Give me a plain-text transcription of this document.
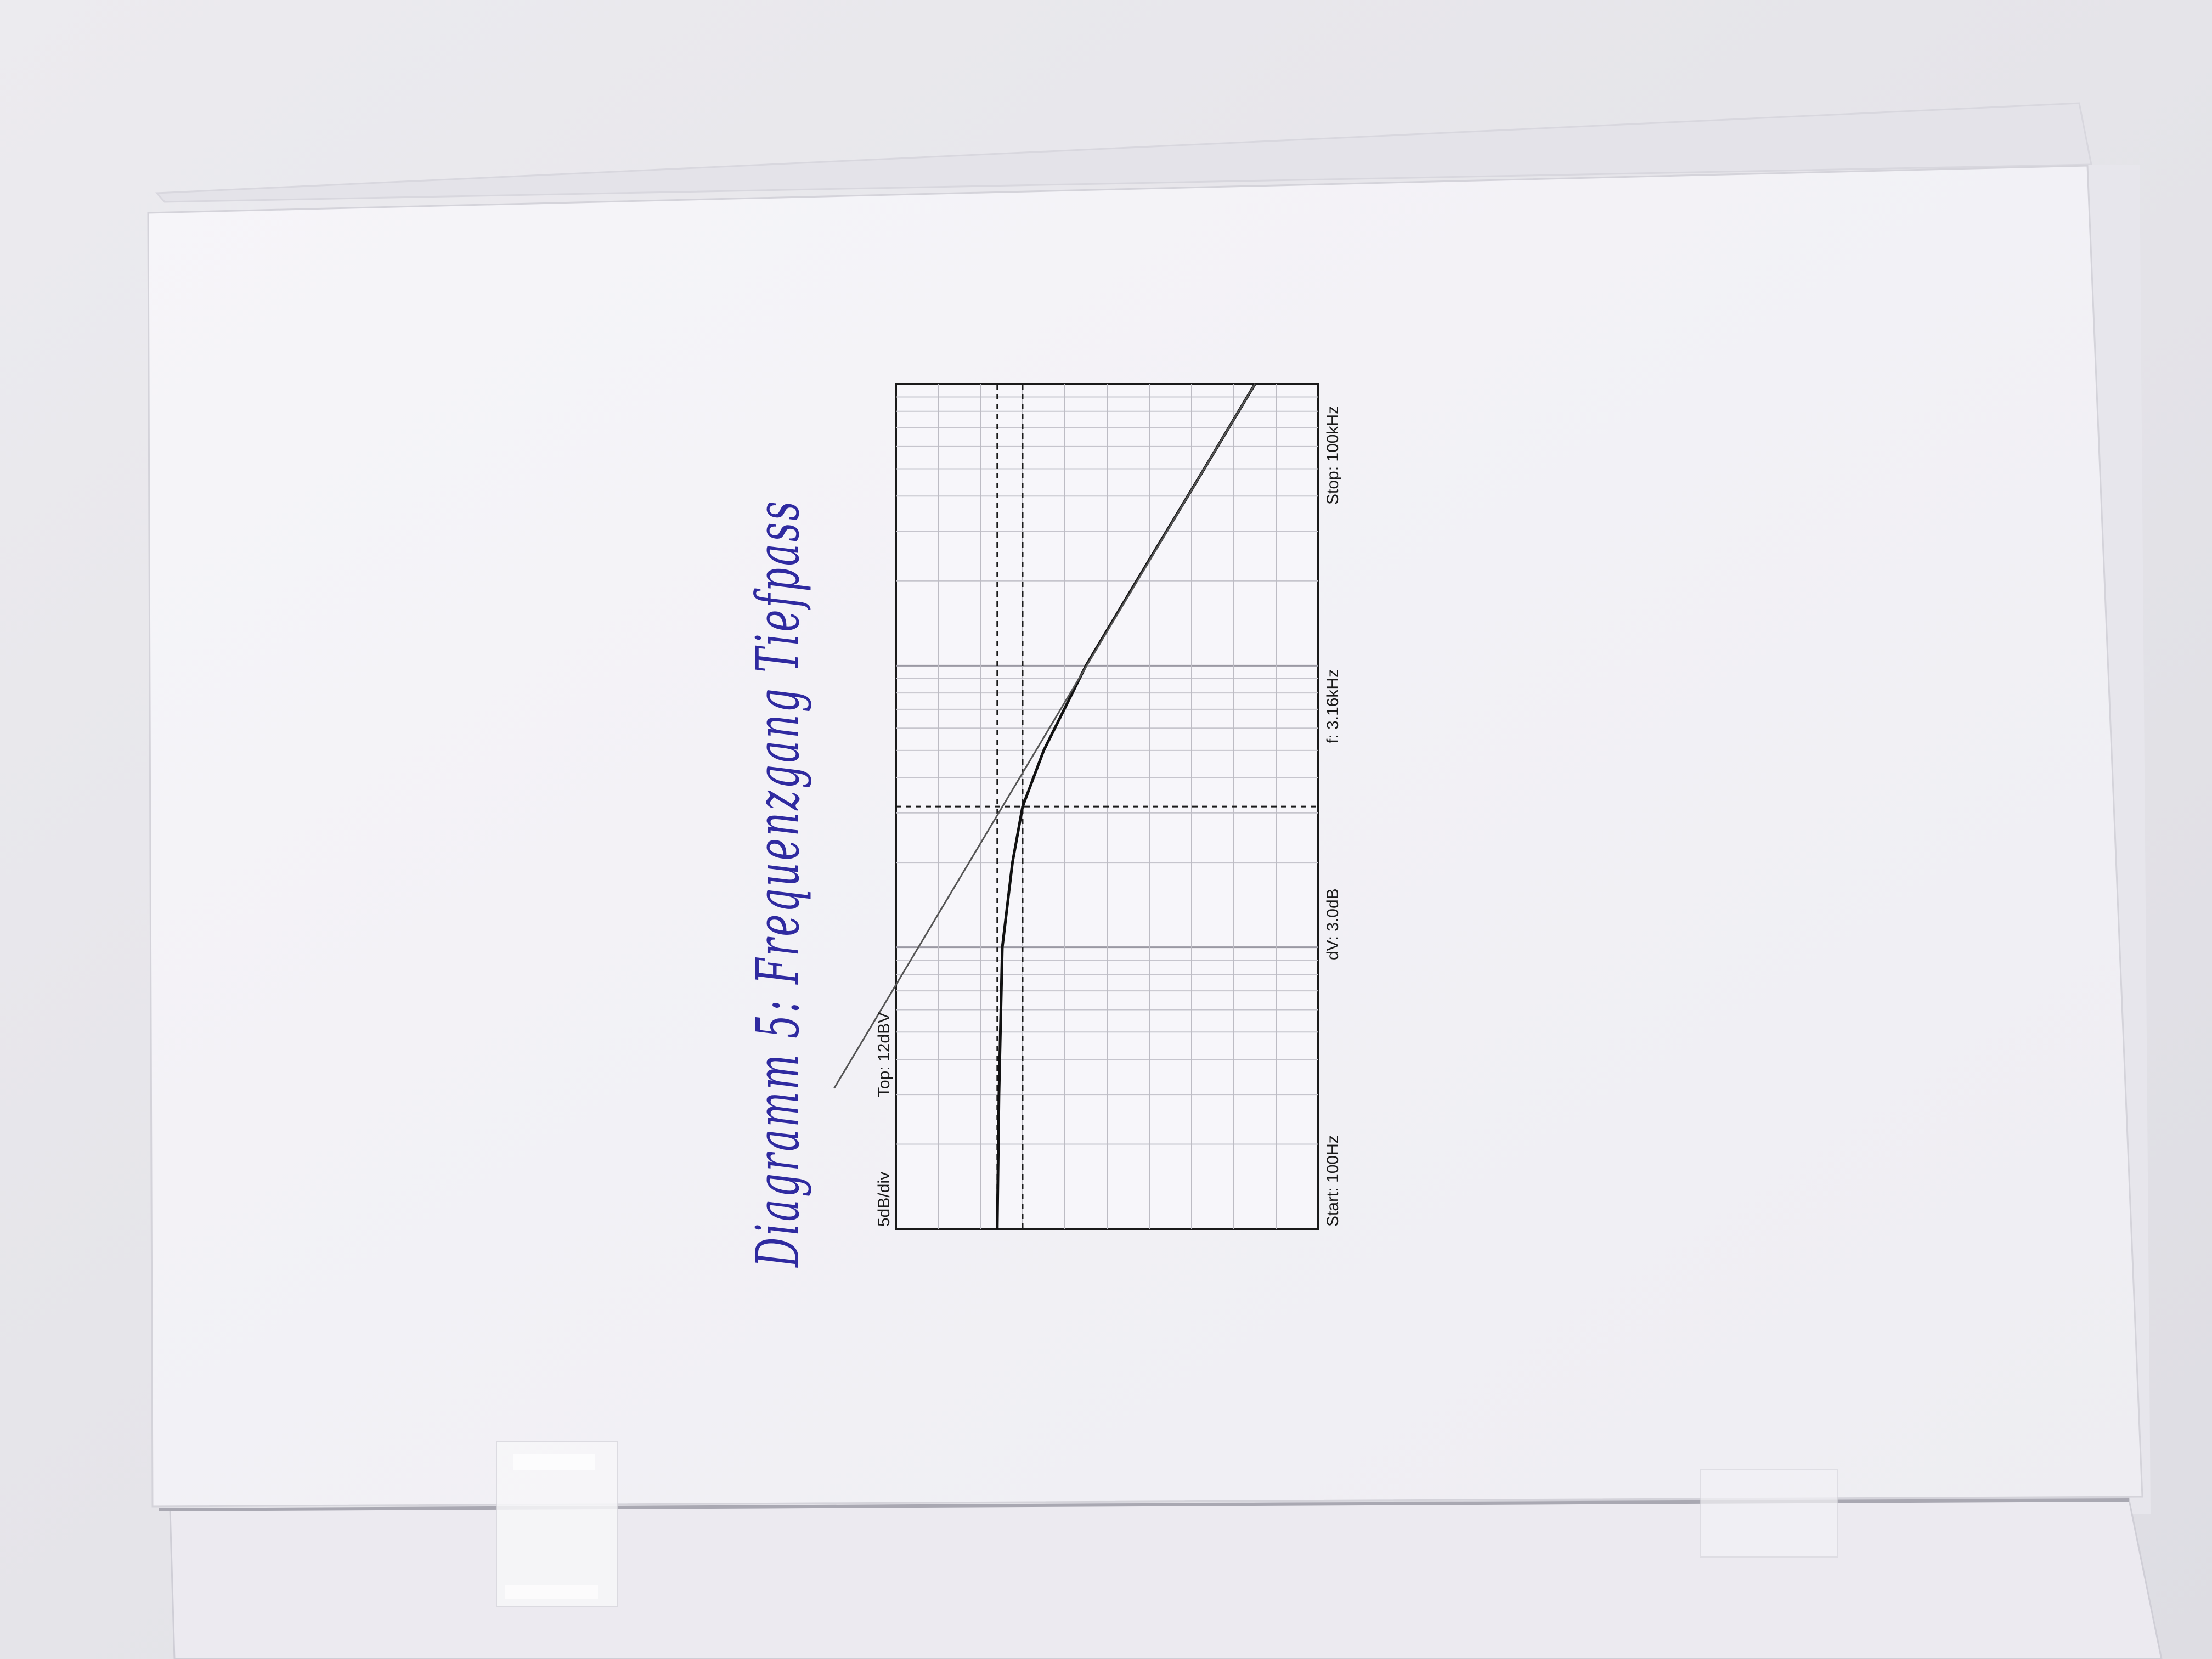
Diagramm 5: Frequenzgang Tiefpass	5dB/div
Top: 12dBV
Start: 100Hz
dV: 3.0dB
f: 3.16kHz
Stop: 100kHz
